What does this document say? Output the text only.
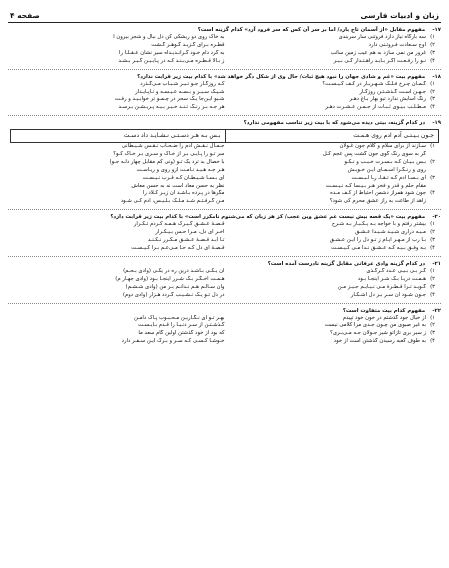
زبان و ادبیات فارسی
صفحه ۴
۱۷- مفهوم مقابل «از آسمان تاج بارد/ اما بر سر آن کس که سر فرود آرد» کدام گزینه است؟
۱)سه بارگاه نیاز دارد فروتنی سار سربندی
به خاک روی دو ریشکی کن دل ببال و شجر بیرون آ
۲)اوج سـعادت فـروتـنی دارد
قطـره بـرای گـزیـد گـوهـر گـشت
۳)غرور من نمی سازد به هم عیب زمین سائب
به گرد دام خـود گـرانـدیـداه سیر نشان عـقـلـا را
۴)نـو را رفـعـت اگـر بـایـد راهـتـدار گـی بـیـر
ز بـالا قـطـره مـی‌بـنـد کـه در پـایـیـن گـیـر بـشـد
۱۸- مفهوم بیت «غم و شادی جهان را نبود هیچ ثبات/ حال وی از شکل دگر خواهد شد» با کدام بیت زیر قرابت ندارد؟
۱)گـمـان چـرخ فـلـک شـهـریـار در کـف کـیـسـت؟
کـه روزگـار جـو تـیـر شـبـاب مـی‌گـذرد
۲)جـهـن آسـت گـذشـتـن روزگـار
شـیـک سـیـر و بـسـه عـیـسـه و نـاپـایـدار
۳)رنگ آسایش ندارد تیو بهار بـاغ دهـر
شـبو ایـن‌جا یـک سحر در چـمـو تر خوابـیـد و رفـت
۴)مـطـلـب بـیـوی ثـبـات از جـمـن عـشـرت دهـر
هر جـه بـر رنـگ تـنـد خـیـر بـیـه پـریـشـن بـرسـد
۱۹- در کدام گزینه، بیتی دیده می‌شود که با بیت زیر تناسب مفهومی ندارد؟
جـون بـیـتـی آدم ادم روی هـمـت
بـس بـه هـر دسـتـی نـشـایـد داد دسـت
۱)سـازند از برای سلام و کلام جون غـولان
جـمـال نـقـش آدم را ضـحـاب نـقـس شـیـطانی
گر به سوی رنگ گوی جون گشت پس عجم کـل
سر تـو را پـایـی بـر از خـاک و سـری بـر خـاک کـو؟
۲)بـس بـیـان کـه بـسـرت خـیـب و نـکـو
با خصال بد ترد یک تـو (ونی کم مقابل چهار دلـه جـو)
روی و رنـگـرا اسـمـای ایـن خـویـش
هـر جـه هـیـد نـامـت ازو روی و ریـاسـت
۳)ای بـسـا آدم کـه تـقـاـ رـا اـبـسـت
ای بـسـا شـیـطـان کـه قـرب نـیـسـت
مقام حلم و قدر و فخر هـر بـیـسا کـه نـیـسـت
نظر به حسن معاد است نه به حسن معاش
۴)جون شود همراز دشمن احتیاط از کـف مـده
مگرها در پـرده بـاشـد آن زیـر کـلاد را
زاهد از طاعت به راز عشق محرم کی شود؟
مـن گـرفـتـم شـد مـلـک بـلـیـس، آدم کـی شـود
۲۰- مفهوم بیت «یک قصه بیش نیست غم عشق وین عجب/ کز هر زبان که می‌شنوم نامکرر است» با کدام بیت زیر قرابت دارد؟
۱)بیشتر رفتم و با خواجه بـه یـکـبـار بـه شـرح
قـصـهٔ عـشـق گـیـرک هـمـه کـردم تـکـرار
۲)مـیـه دراری شـیـد شـیـدا عـشـق
آخـر ای دل، مـرا حـس بـیـکـرار
۳)بـا رب از مـهـر ایـام ز تـو دل را آیـن عـشـق
تـا ابـد قـصـهٔ عـشـق مـکـرر نـکـنـد
۴)بـه وفـق بـیـه کـه عـشـق نـدا مـی کـیـسـت
قـصـهٔ ای دل کـه حـا مـی‌عـم بـرا کـیـسـت
۲۱- در کدام گزینه وادی عرفانی مقابل گزینه نادرست آمده است؟
۱)گـر بـی بـیـی عـدد گـرگـذی
آن یـکـی بـاشـد درین ره در یکـی (وادی بـحـم)
۲)هـمـت دریـا بـک شـر اینجـا بـود
هـمـت اخـگـر بـک شـرر اینجـا بـود (وادی جهـار م)
۳)گـویـد تـرا قـطـرهٔ مـی نـیـایـم جـیـز مـن
وان سـالـم هـم نـدانـم بـر من (وادی شـشـم)
۴)جـون شـود آن سـر بـر دل آشـکـار
در دل تـو یـک نـشـیـب گـردد هـزار (وادی دوم)
۲۲- مفهوم کدام بیت متفاوت است؟
۱)از خیال جود گذشتم در خون خود تپیدم
بهـر تـو ای نـگـاریـن مـحـبـوب پـاک دامـن
۲)به غیر صبوی من چـون جـدی مرا کلامی نیست
گـذشـتـن از سـر دنـیـا را قـدم بـایـسـت
۳)ز سیر بری تازاتو شیر جـولان جـه مـی‌بـری؟
که بود از خود گذشتن اولین گام سعد ما
۴)به طوف کعبه رسیدن گذشتن است از خود
خـوشـا کـسـی کـه سـر و بـرگ ایـن سـفـر دارد
